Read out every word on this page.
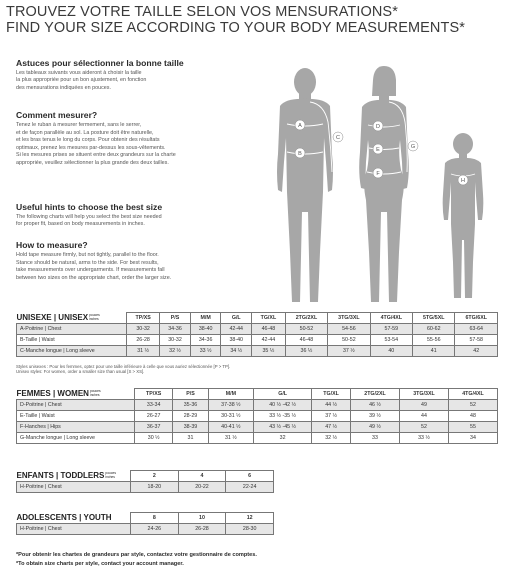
TROUVEZ VOTRE TAILLE SELON VOS MENSURATIONS*
FIND YOUR SIZE ACCORDING TO YOUR BODY MEASUREMENTS*
Astuces pour sélectionner la bonne taille
Les tableaux suivants vous aideront à choisir la taille
la plus appropriée pour un bon ajustement, en fonction
des mensurations indiquées en pouces.
Comment mesurer?
Tenez le ruban à mesurer fermement, sans le serrer,
et de façon parallèle au sol. La posture doit être naturelle,
et les bras tenus le long du corps. Pour obtenir des résultats
optimaux, prenez les mesures par-dessus les sous-vêtements.
Si les mesures prises se situent entre deux grandeurs sur la charte
appropriée, veuillez sélectionner la plus grande des deux tailles.
Useful hints to choose the best size
The following charts will help you select the best size needed
for proper fit, based on body measurements in inches.
How to measure?
Hold tape measure firmly, but not tightly, parallel to the floor.
Stance should be natural, arms to the side. For best results,
take measurements over undergarments. If measurements fall
between two sizes on the appropriate chart, order the larger size.
A
B
C
D
E
F
G
H
UNISEXE | UNISEXpouces
inches	TP/XS	P/S	M/M	G/L	TG/XL	2TG/2XL	3TG/3XL	4TG/4XL	5TG/5XL	6TG/6XL
A-Poitrine | Chest	30-32	34-36	38-40	42-44	46-48	50-52	54-56	57-59	60-62	63-64
B-Taille | Waist	26-28	30-32	34-36	38-40	42-44	46-48	50-52	53-54	55-56	57-58
C-Manche longue | Long sleeve	31 ½	32 ½	33 ½	34 ½	35 ½	36 ½	37 ½	40	41	42
Styles unisexes : Pour les femmes, optez pour une taille inférieure à celle que vous auriez sélectionnée [P > TP].
Unisex styles: For women, order a smaller size than usual [S > XS].
FEMMES | WOMENpouces
inches	TP/XS	P/S	M/M	G/L	TG/XL	2TG/2XL	3TG/3XL	4TG/4XL
D-Poitrine | Chest	33-34	35-36	37-38 ½	40 ½ -42 ½	44 ½	46 ½	49	52
E-Taille | Waist	26-27	28-29	30-31 ½	33 ½ -35 ½	37 ½	39 ½	44	48
F-Hanches | Hips	36-37	38-39	40-41 ½	43 ½ -45 ½	47 ½	49 ½	52	55
G-Manche longue | Long sleeve	30 ½	31	31 ½	32	32 ½	33	33 ½	34
ENFANTS | TODDLERSpouces
inches	2	4	6
H-Poitrine | Chest	18-20	20-22	22-24
ADOLESCENTS | YOUTH	8	10	12
H-Poitrine | Chest	24-26	26-28	28-30
*Pour obtenir les chartes de grandeurs par style, contactez votre gestionnaire de comptes.
*To obtain size charts per style, contact your account manager.
